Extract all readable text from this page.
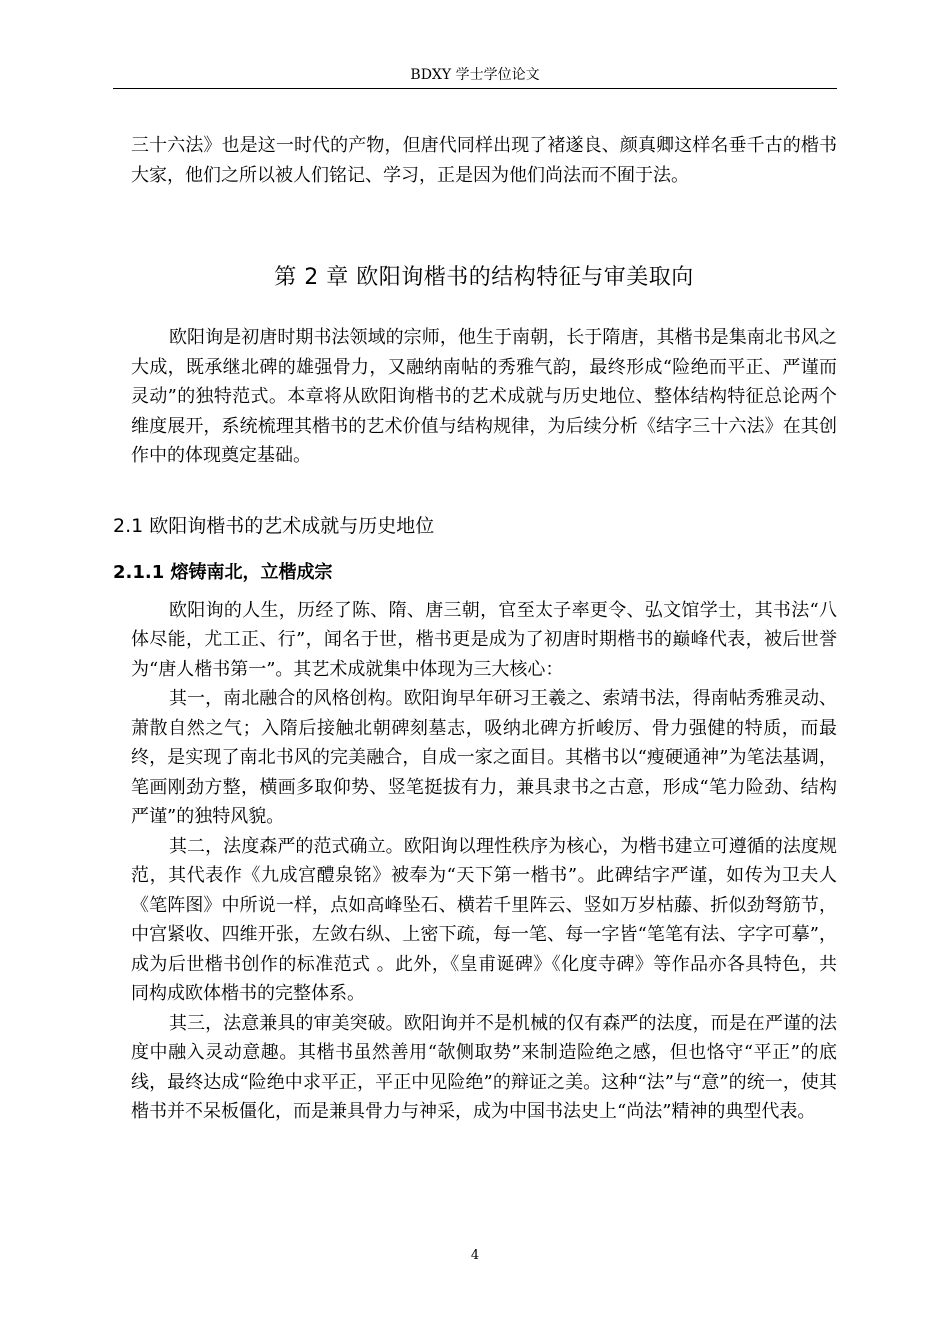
BDXY 学士学位论文

三十六法》也是这一时代的产物，但唐代同样出现了褚遂良、颜真卿这样名垂千古的楷书大家，他们之所以被人们铭记、学习，正是因为他们尚法而不囿于法。

第 2 章 欧阳询楷书的结构特征与审美取向

欧阳询是初唐时期书法领域的宗师，他生于南朝，长于隋唐，其楷书是集南北书风之大成，既承继北碑的雄强骨力，又融纳南帖的秀雅气韵，最终形成“险绝而平正、严谨而灵动”的独特范式。本章将从欧阳询楷书的艺术成就与历史地位、整体结构特征总论两个维度展开，系统梳理其楷书的艺术价值与结构规律，为后续分析《结字三十六法》在其创作中的体现奠定基础。

2.1 欧阳询楷书的艺术成就与历史地位
2.1.1 熔铸南北，立楷成宗

欧阳询的人生，历经了陈、隋、唐三朝，官至太子率更令、弘文馆学士，其书法“八体尽能，尤工正、行”，闻名于世，楷书更是成为了初唐时期楷书的巅峰代表，被后世誉为“唐人楷书第一”。其艺术成就集中体现为三大核心：

其一，南北融合的风格创构。欧阳询早年研习王羲之、索靖书法，得南帖秀雅灵动、萧散自然之气；入隋后接触北朝碑刻墓志，吸纳北碑方折峻厉、骨力强健的特质，而最终，是实现了南北书风的完美融合，自成一家之面目。其楷书以“瘦硬通神”为笔法基调，笔画刚劲方整，横画多取仰势、竖笔挺拔有力，兼具隶书之古意，形成“笔力险劲、结构严谨”的独特风貌。

其二，法度森严的范式确立。欧阳询以理性秩序为核心，为楷书建立可遵循的法度规范，其代表作《九成宫醴泉铭》被奉为“天下第一楷书”。此碑结字严谨，如传为卫夫人《笔阵图》中所说一样，点如高峰坠石、横若千里阵云、竖如万岁枯藤、折似劲弩筋节，中宫紧收、四维开张，左敛右纵、上密下疏，每一笔、每一字皆“笔笔有法、字字可摹”，成为后世楷书创作的标准范式 。此外，《皇甫诞碑》《化度寺碑》等作品亦各具特色，共同构成欧体楷书的完整体系。

其三，法意兼具的审美突破。欧阳询并不是机械的仅有森严的法度，而是在严谨的法度中融入灵动意趣。其楷书虽然善用“欹侧取势”来制造险绝之感，但也恪守“平正”的底线，最终达成“险绝中求平正，平正中见险绝”的辩证之美。这种“法”与“意”的统一，使其楷书并不呆板僵化，而是兼具骨力与神采，成为中国书法史上“尚法”精神的典型代表。

4
